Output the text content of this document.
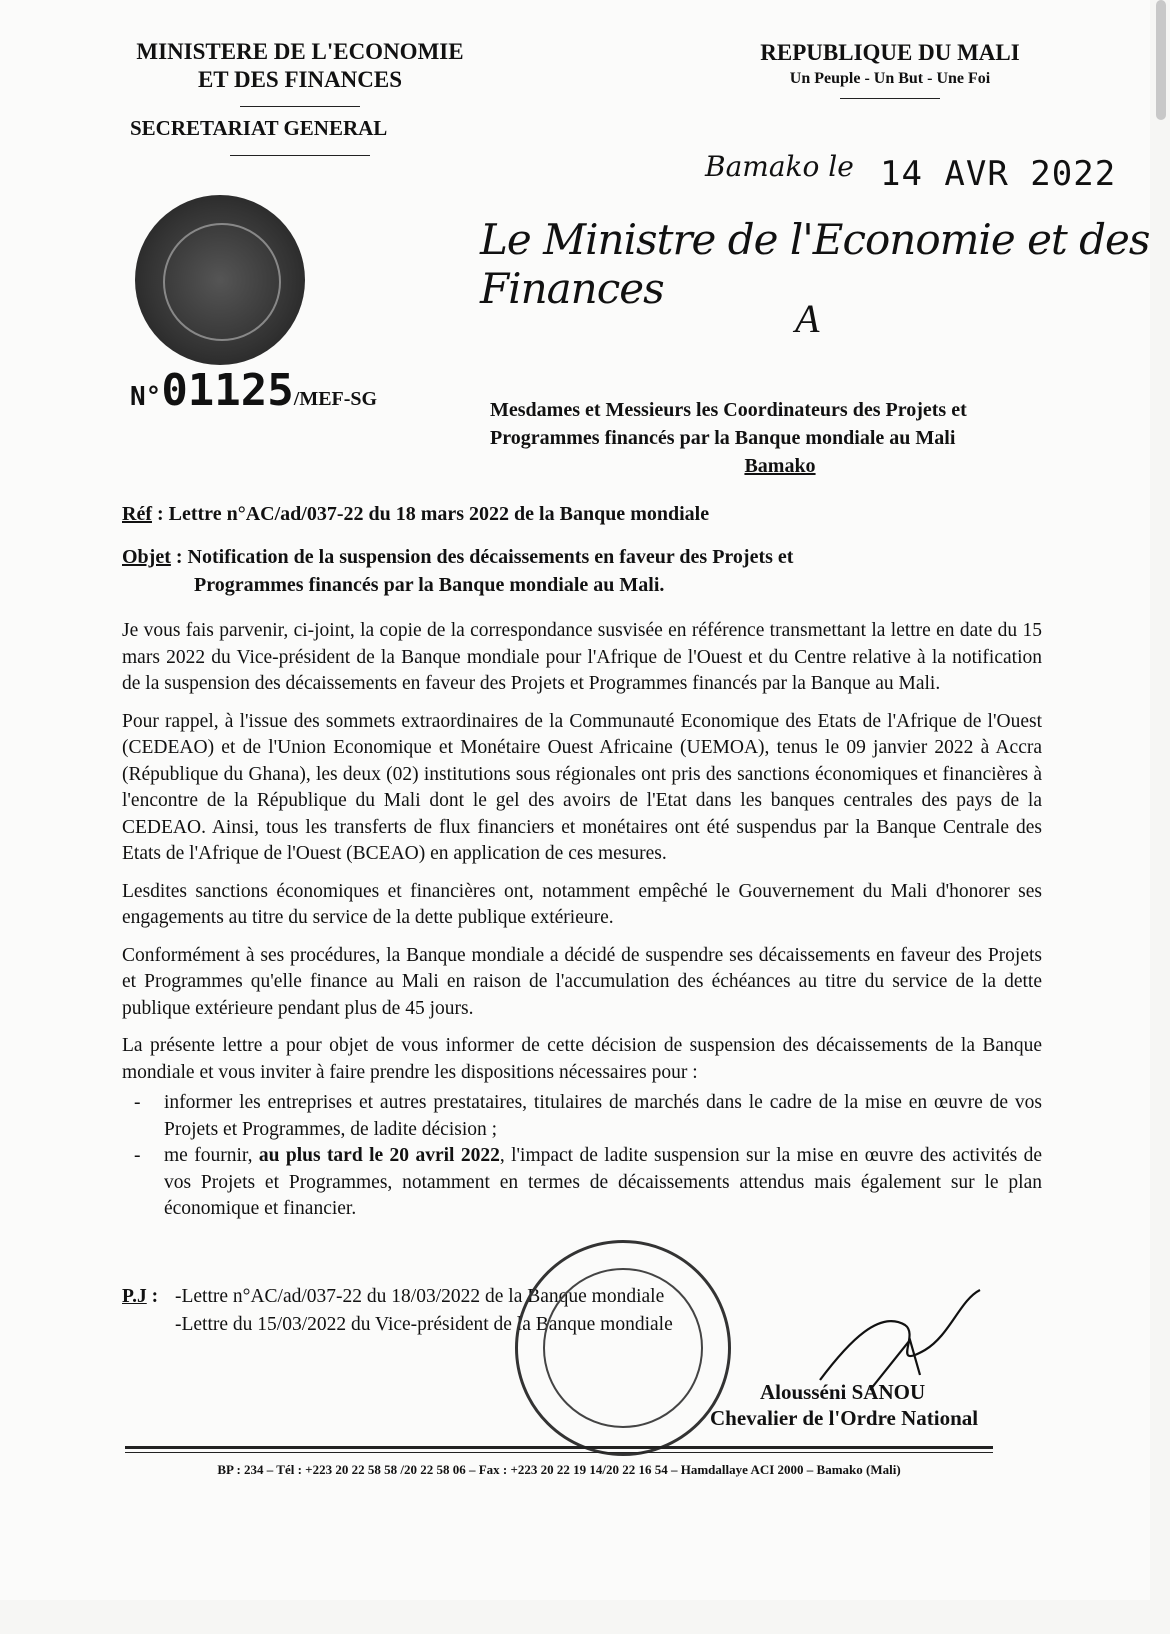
MINISTERE DE L'ECONOMIE
ET DES FINANCES
SECRETARIAT GENERAL
REPUBLIQUE DU MALI
Un Peuple - Un But - Une Foi
Bamako le 14 AVR 2022
Le Ministre de l'Economie et des Finances
A
N°01125/MEF-SG	Mesdames et Messieurs les Coordinateurs des Projets et
Programmes financés par la Banque mondiale au Mali
Bamako
Réf : Lettre n°AC/ad/037-22 du 18 mars 2022 de la Banque mondiale
Objet : Notification de la suspension des décaissements en faveur des Projets et
Programmes financés par la Banque mondiale au Mali.

Je vous fais parvenir, ci-joint, la copie de la correspondance susvisée en référence transmettant la lettre en date du 15 mars 2022 du Vice-président de la Banque mondiale pour l'Afrique de l'Ouest et du Centre relative à la notification de la suspension des décaissements en faveur des Projets et Programmes financés par la Banque au Mali.

Pour rappel, à l'issue des sommets extraordinaires de la Communauté Economique des Etats de l'Afrique de l'Ouest (CEDEAO) et de l'Union Economique et Monétaire Ouest Africaine (UEMOA), tenus le 09 janvier 2022 à Accra (République du Ghana), les deux (02) institutions sous régionales ont pris des sanctions économiques et financières à l'encontre de la République du Mali dont le gel des avoirs de l'Etat dans les banques centrales des pays de la CEDEAO. Ainsi, tous les transferts de flux financiers et monétaires ont été suspendus par la Banque Centrale des Etats de l'Afrique de l'Ouest (BCEAO) en application de ces mesures.

Lesdites sanctions économiques et financières ont, notamment empêché le Gouvernement du Mali d'honorer ses engagements au titre du service de la dette publique extérieure.

Conformément à ses procédures, la Banque mondiale a décidé de suspendre ses décaissements en faveur des Projets et Programmes qu'elle finance au Mali en raison de l'accumulation des échéances au titre du service de la dette publique extérieure pendant plus de 45 jours.

La présente lettre a pour objet de vous informer de cette décision de suspension des décaissements de la Banque mondiale et vous inviter à faire prendre les dispositions nécessaires pour :

- informer les entreprises et autres prestataires, titulaires de marchés dans le cadre de la mise en œuvre de vos Projets et Programmes, de ladite décision ;
- me fournir, au plus tard le 20 avril 2022, l'impact de ladite suspension sur la mise en œuvre des activités de vos Projets et Programmes, notamment en termes de décaissements attendus mais également sur le plan économique et financier.
P.J : -Lettre n°AC/ad/037-22 du 18/03/2022 de la Banque mondiale
-Lettre du 15/03/2022 du Vice-président de la Banque mondiale
Alousséni SANOU
Chevalier de l'Ordre National
BP : 234 – Tél : +223 20 22 58 58 /20 22 58 06 – Fax : +223 20 22 19 14/20 22 16 54 – Hamdallaye ACI 2000 – Bamako (Mali)
